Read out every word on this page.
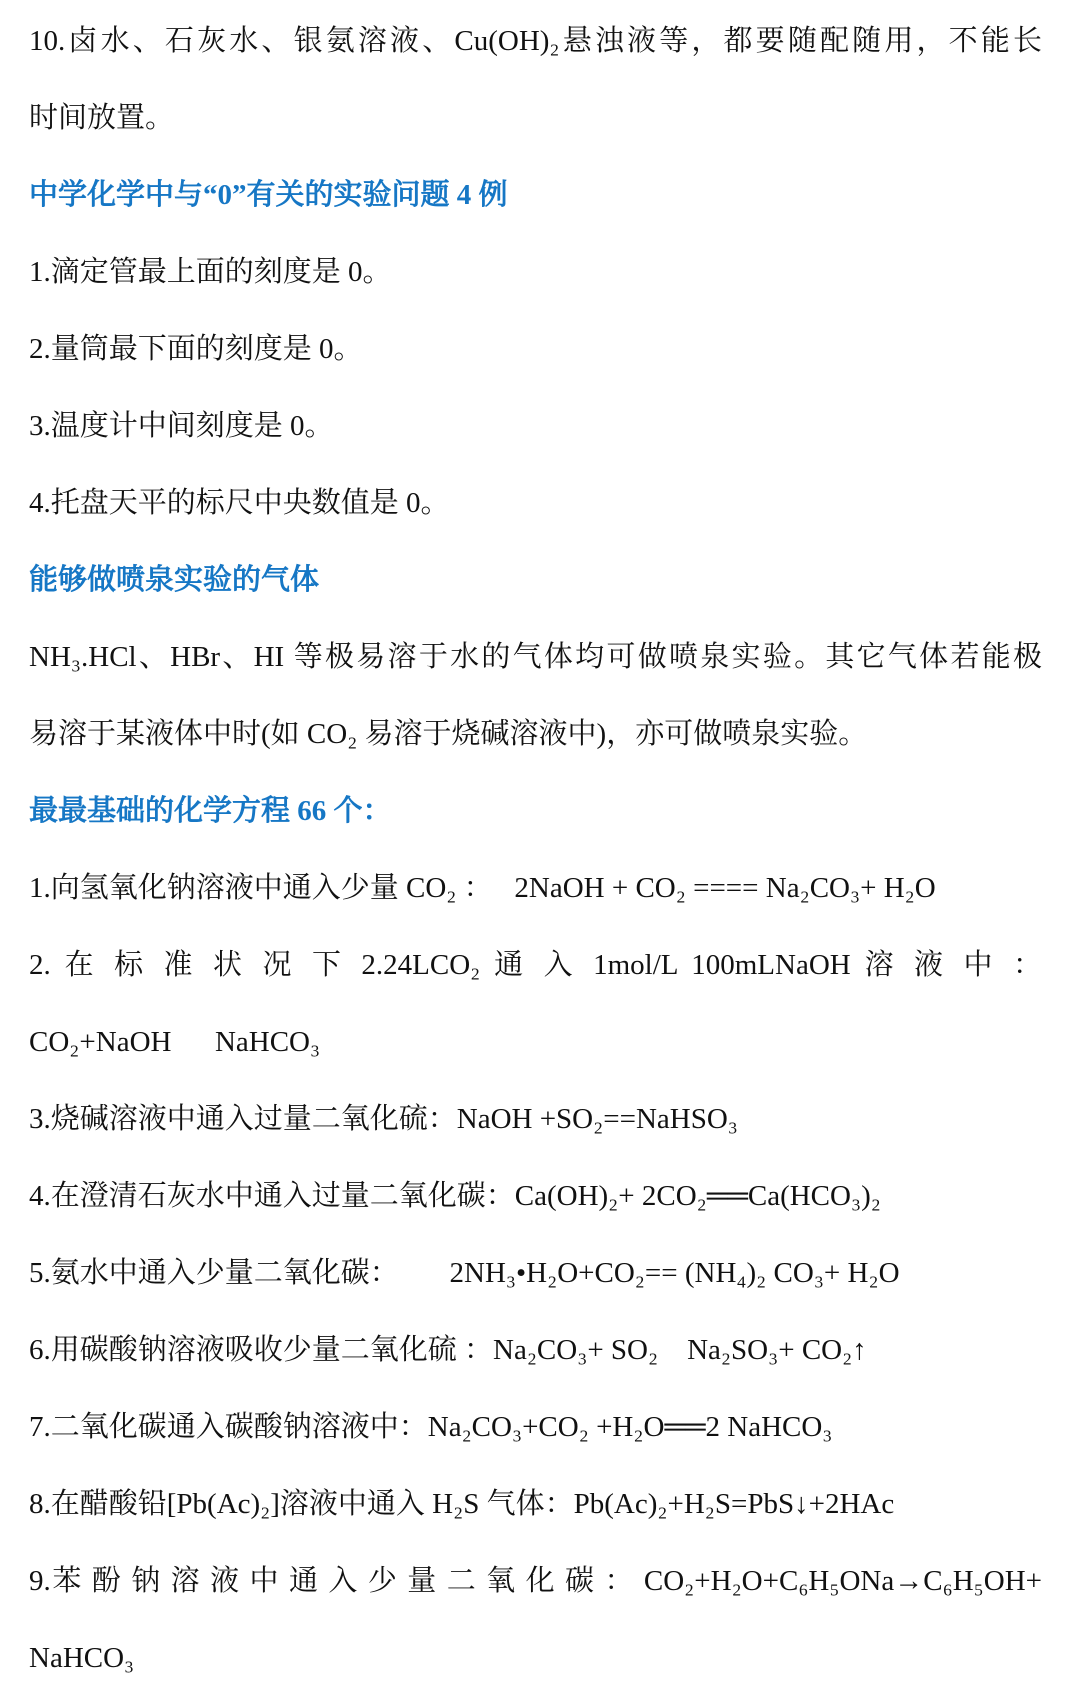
10.卤水、石灰水、银氨溶液、Cu(OH)₂悬浊液等，都要随配随用，不能长
时间放置。
中学化学中与“0”有关的实验问题 4 例
1.滴定管最上面的刻度是 0。
2.量筒最下面的刻度是 0。
3.温度计中间刻度是 0。
4.托盘天平的标尺中央数值是 0。
能够做喷泉实验的气体
NH₃.HCl、HBr、HI 等极易溶于水的气体均可做喷泉实验。其它气体若能极
易溶于某液体中时(如 CO₂ 易溶于烧碱溶液中)，亦可做喷泉实验。
最最基础的化学方程 66 个：
1.向氢氧化钠溶液中通入少量 CO₂ ：   2NaOH + CO₂ ==== Na₂CO₃+ H₂O
2. 在 标 准 状 况 下 2.24LCO₂ 通 入 1mol/L 100mLNaOH 溶 液 中 ：
CO₂+NaOH      NaHCO₃
3.烧碱溶液中通入过量二氧化硫：NaOH +SO₂==NaHSO₃
4.在澄清石灰水中通入过量二氧化碳：Ca(OH)₂+ 2CO₂══Ca(HCO₃)₂
5.氨水中通入少量二氧化碳：       2NH₃•H₂O+CO₂== (NH₄)₂ CO₃+ H₂O
6.用碳酸钠溶液吸收少量二氧化硫 ：Na₂CO₃+ SO₂    Na₂SO₃+ CO₂↑
7.二氧化碳通入碳酸钠溶液中：Na₂CO₃+CO₂ +H₂O══2 NaHCO₃
8.在醋酸铅[Pb(Ac)₂]溶液中通入 H₂S 气体：Pb(Ac)₂+H₂S=PbS↓+2HAc
9.苯 酚 钠 溶 液 中 通 入 少 量 二 氧 化 碳 ： CO₂+H₂O+C₆H₅ONa→C₆H₅OH+
NaHCO₃
